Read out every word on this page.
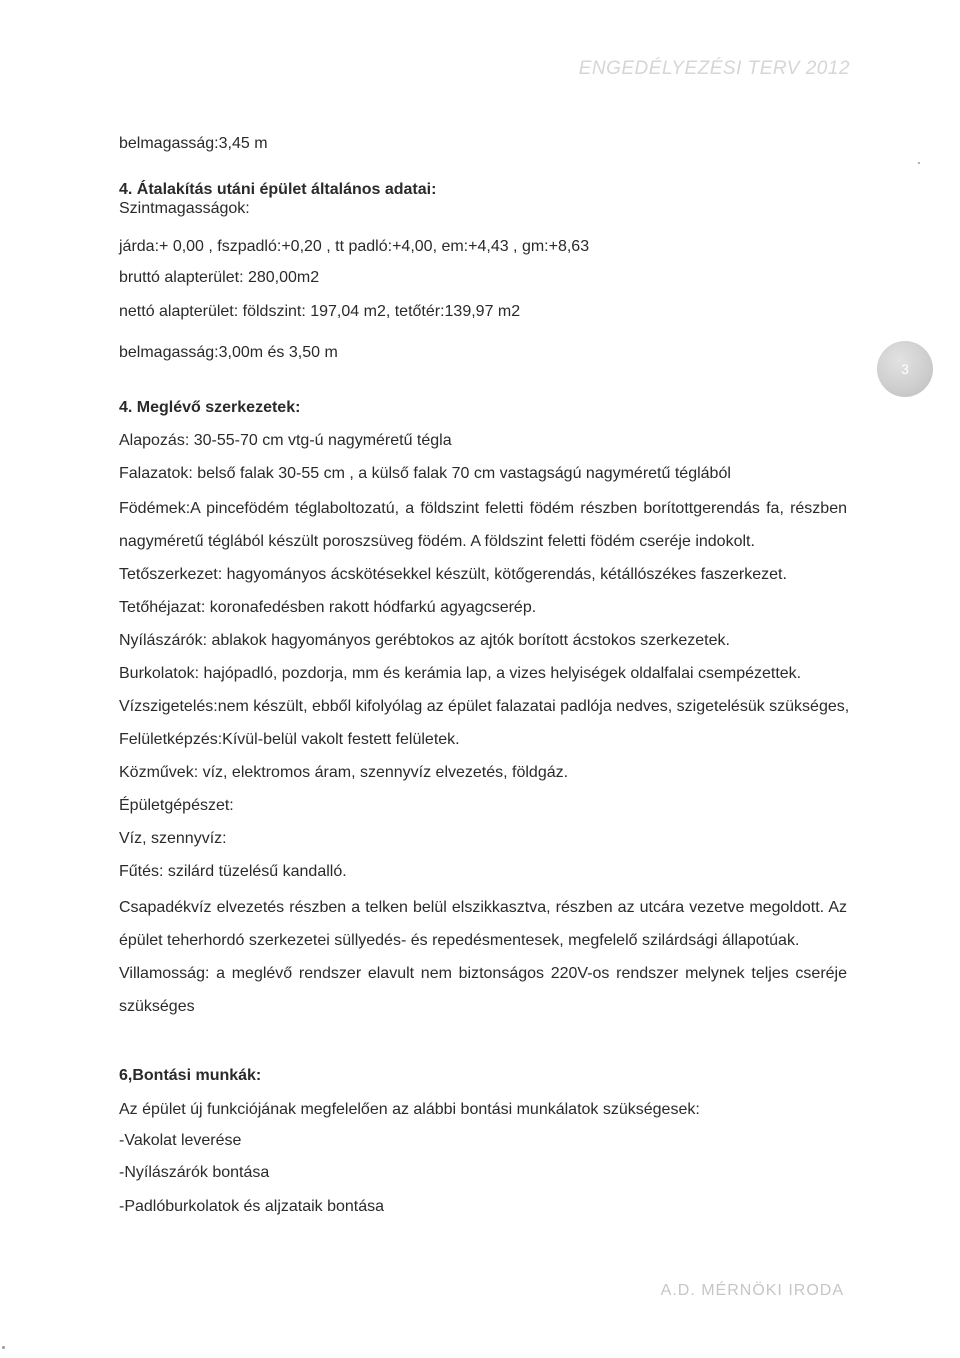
ENGEDÉLYEZÉSI TERV 2012
3
belmagasság:3,45 m
4. Átalakítás utáni épület általános adatai:
Szintmagasságok:
járda:+ 0,00 , fszpadló:+0,20 , tt padló:+4,00, em:+4,43 , gm:+8,63
bruttó alapterület: 280,00m2
nettó alapterület: földszint: 197,04 m2, tetőtér:139,97 m2
belmagasság:3,00m és 3,50 m
4. Meglévő szerkezetek:
Alapozás: 30-55-70 cm vtg-ú nagyméretű tégla
Falazatok: belső falak 30-55 cm , a külső falak 70 cm vastagságú nagyméretű téglából
Födémek:A pincefödém téglaboltozatú, a földszint feletti födém részben borítottgerendás fa, részben
nagyméretű téglából készült poroszsüveg födém. A földszint feletti födém cseréje indokolt.
Tetőszerkezet: hagyományos ácskötésekkel készült, kötőgerendás, kétállószékes faszerkezet.
Tetőhéjazat: koronafedésben rakott hódfarkú agyagcserép.
Nyílászárók: ablakok hagyományos gerébtokos az ajtók borított ácstokos szerkezetek.
Burkolatok: hajópadló, pozdorja, mm és kerámia lap, a vizes helyiségek oldalfalai csempézettek.
Vízszigetelés:nem készült, ebből kifolyólag az épület falazatai padlója nedves, szigetelésük szükséges,
Felületképzés:Kívül-belül vakolt festett felületek.
Közművek: víz, elektromos áram, szennyvíz elvezetés, földgáz.
Épületgépészet:
Víz, szennyvíz:
Fűtés: szilárd tüzelésű kandalló.
Csapadékvíz elvezetés részben a telken belül elszikkasztva, részben az utcára vezetve megoldott. Az
épület teherhordó szerkezetei süllyedés- és repedésmentesek, megfelelő szilárdsági állapotúak.
Villamosság: a meglévő rendszer elavult nem biztonságos 220V-os rendszer melynek teljes cseréje
szükséges
6,Bontási munkák:
Az épület új funkciójának megfelelően az alábbi bontási munkálatok szükségesek:
-Vakolat leverése
-Nyílászárók bontása
-Padlóburkolatok és aljzataik bontása
A.D. MÉRNÖKI IRODA
